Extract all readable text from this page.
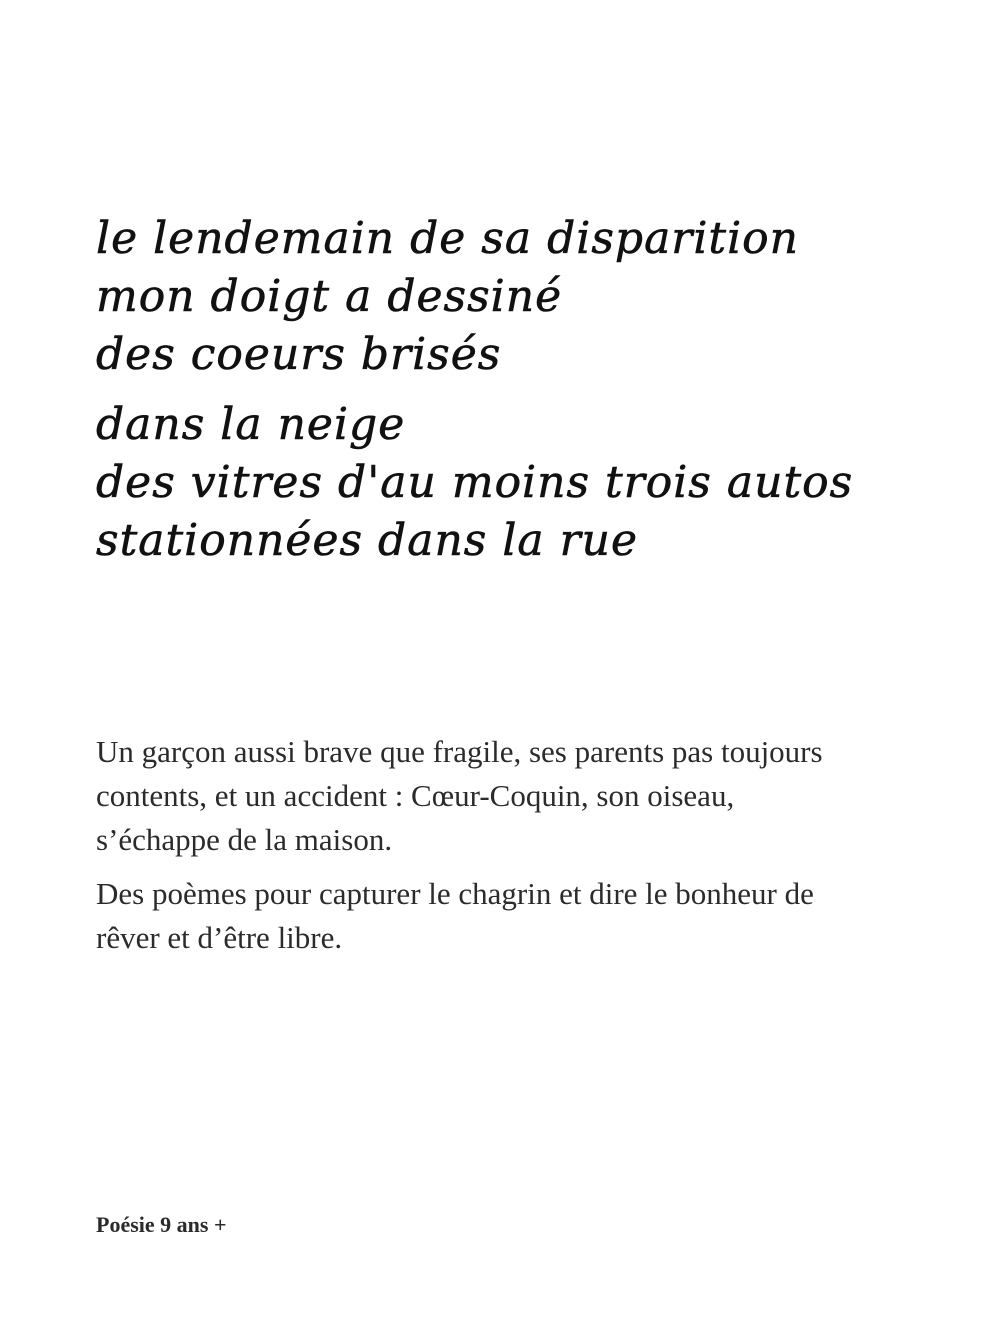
le lendemain de sa disparition
mon doigt a dessiné
des coeurs brisés
dans la neige
des vitres d'au moins trois autos
stationnées dans la rue

Un garçon aussi brave que fragile, ses parents pas toujours contents, et un accident : Cœur-Coquin, son oiseau, s’échappe de la maison.

Des poèmes pour capturer le chagrin et dire le bonheur de rêver et d’être libre.

Poésie 9 ans +
